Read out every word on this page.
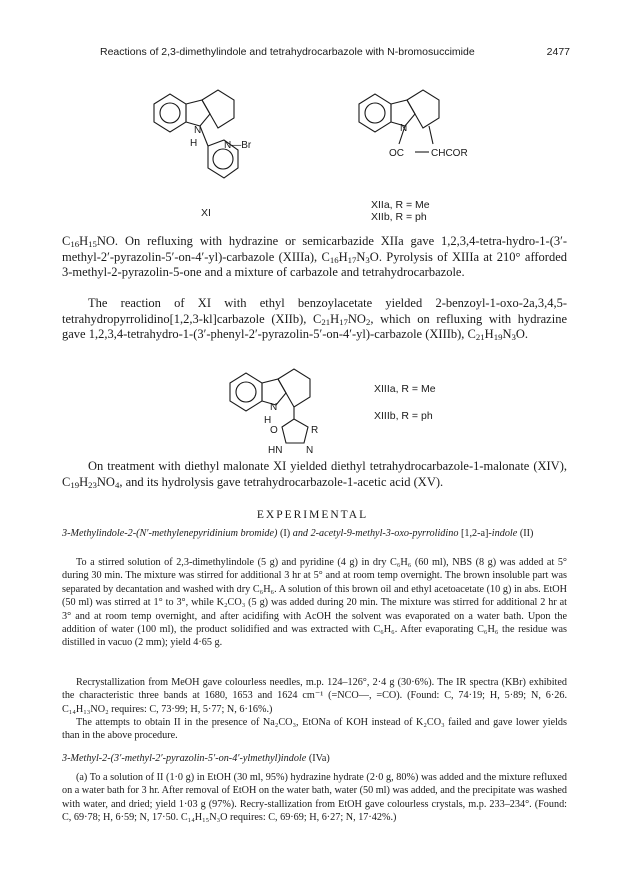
Reactions of 2,3-dimethylindole and tetrahydrocarbazole with N-bromosuccimide	2477
N
H	N—Br
XI
N
OC	CHCOR
XIIa, R = Me
XIIb, R = ph

$C_{16}H_{15}NO$. On refluxing with hydrazine or semicarbazide XIIa gave 1,2,3,4-tetra-hydro-1-(3′-methyl-2′-pyrazolin-5′-on-4′-yl)-carbazole (XIIIa), $C_{16}H_{17}N_3O$. Pyrolysis of XIIIa at 210° afforded 3-methyl-2-pyrazolin-5-one and a mixture of carbazole and tetrahydrocarbazole.

The reaction of XI with ethyl benzoylacetate yielded 2-benzoyl-1-oxo-2a,3,4,5-tetrahydropyrrolidino[1,2,3-kl]carbazole (XIIb), $C_{21}H_{17}NO_2$, which on refluxing with hydrazine gave 1,2,3,4-tetrahydro-1-(3′-phenyl-2′-pyrazolin-5′-on-4′-yl)-carbazole (XIIIb), $C_{21}H_{19}N_3O$.

N
H
O	R
HN N
XIIIa, R = Me
XIIIb, R = ph

On treatment with diethyl malonate XI yielded diethyl tetrahydrocarbazole-1-malonate (XIV), $C_{19}H_{23}NO_4$, and its hydrolysis gave tetrahydrocarbazole-1-acetic acid (XV).

EXPERIMENTAL

3-Methylindole-2-(N′-methylenepyridinium bromide) (I) and 2-acetyl-9-methyl-3-oxo-pyrrolidino [1,2-a]-indole (II)

To a stirred solution of 2,3-dimethylindole (5 g) and pyridine (4 g) in dry C₆H₆ (60 ml), NBS (8 g) was added at 5° during 30 min. The mixture was stirred for additional 3 hr at 5° and at room temp overnight. The brown insoluble part was separated by decantation and washed with dry C₆H₆. A solution of this brown oil and ethyl acetoacetate (10 g) in abs. EtOH (50 ml) was stirred at 1° to 3°, while K₂CO₃ (5 g) was added during 20 min. The mixture was stirred for additional 2 hr at 3° and at room temp overnight, and after acidifing with AcOH the solvent was evaporated on a water bath. Upon the addition of water (100 ml), the product solidified and was extracted with C₆H₆. After evaporating C₆H₆ the residue was distilled in vacuo (2 mm); yield 4·65 g.

Recrystallization from MeOH gave colourless needles, m.p. 124–126°, 2·4 g (30·6%). The IR spectra (KBr) exhibited the characteristic three bands at 1680, 1653 and 1624 cm⁻¹ (=NCO—, =CO). (Found: C, 74·19; H, 5·89; N, 6·26. C₁₄H₁₃NO₂ requires: C, 73·99; H, 5·77; N, 6·16%.)

The attempts to obtain II in the presence of Na₂CO₃, EtONa of KOH instead of K₂CO₃ failed and gave lower yields than in the above procedure.

3-Methyl-2-(3′-methyl-2′-pyrazolin-5′-on-4′-ylmethyl)indole (IVa)

(a) To a solution of II (1·0 g) in EtOH (30 ml, 95%) hydrazine hydrate (2·0 g, 80%) was added and the mixture refluxed on a water bath for 3 hr. After removal of EtOH on the water bath, water (50 ml) was added, and the precipitate was washed with water, and dried; yield 1·03 g (97%). Recry-stallization from EtOH gave colourless crystals, m.p. 233–234°. (Found: C, 69·78; H, 6·59; N, 17·50. C₁₄H₁₅N₃O requires: C, 69·69; H, 6·27; N, 17·42%.)
